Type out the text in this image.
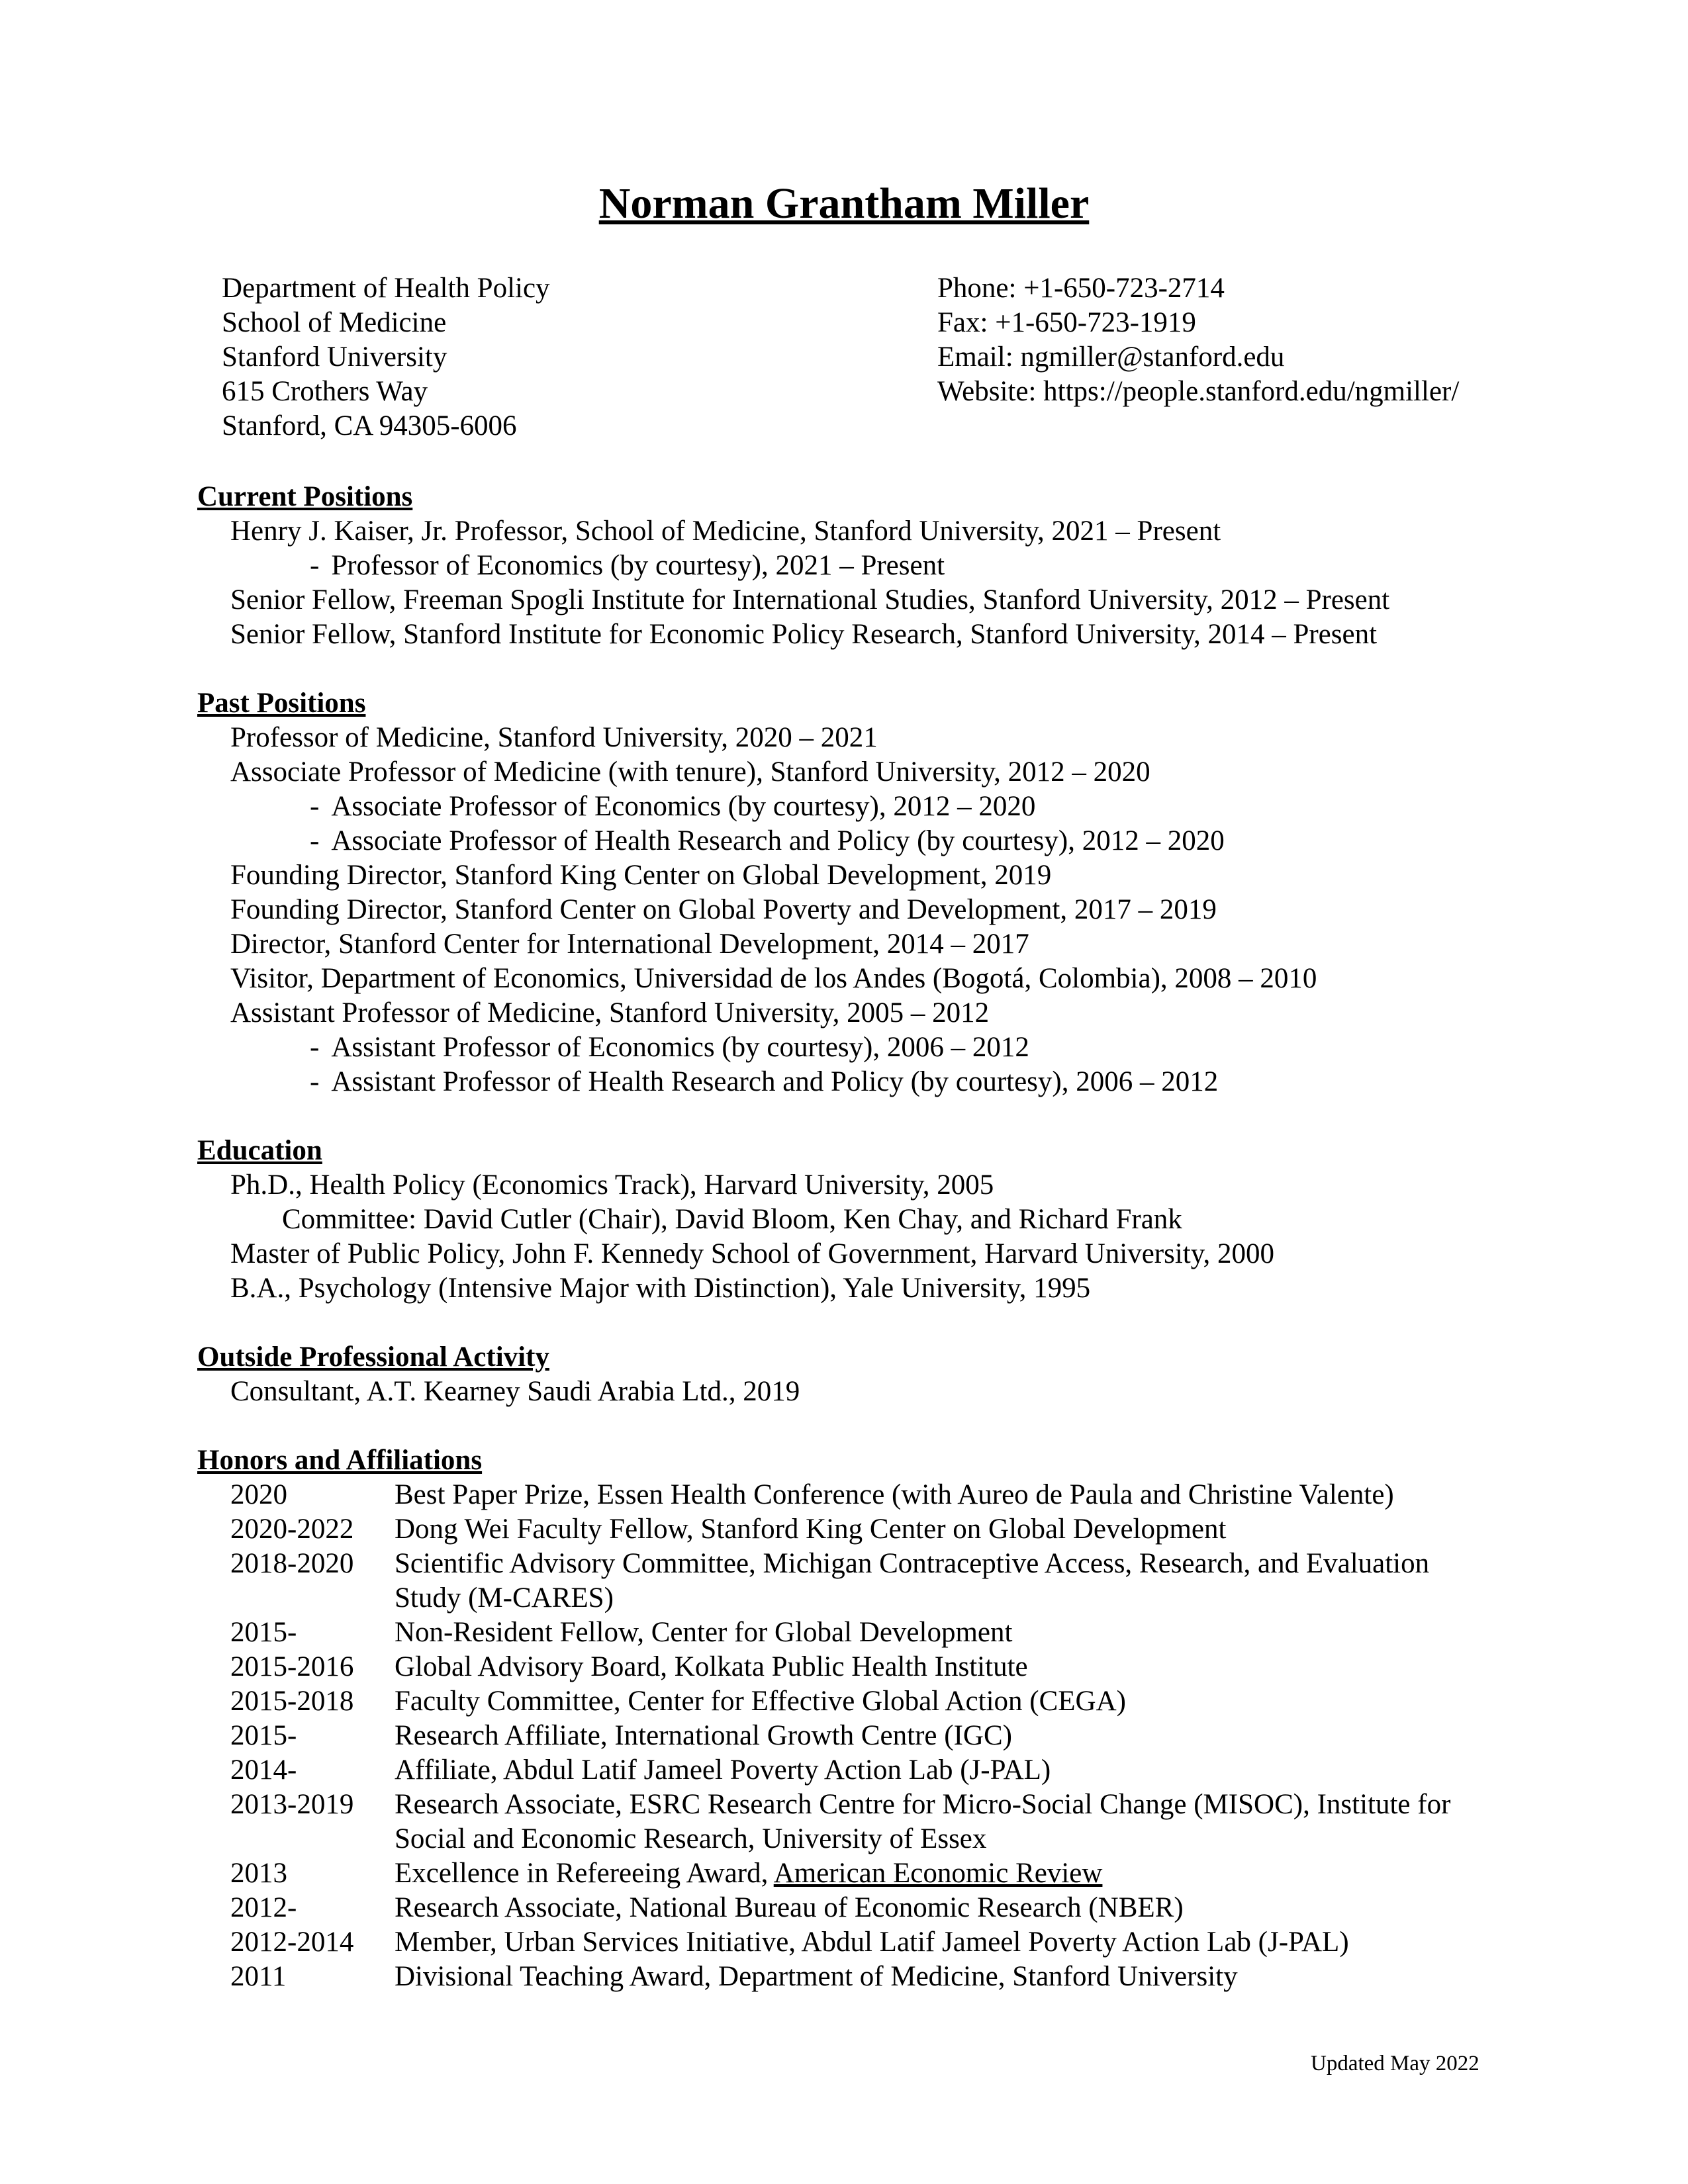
Norman Grantham Miller
Department of Health Policy
School of Medicine
Stanford University
615 Crothers Way
Stanford, CA 94305-6006
Phone: +1-650-723-2714
Fax: +1-650-723-1919
Email: ngmiller@stanford.edu
Website: https://people.stanford.edu/ngmiller/
Current Positions
Henry J. Kaiser, Jr. Professor, School of Medicine, Stanford University, 2021 – Present
- Professor of Economics (by courtesy), 2021 – Present
Senior Fellow, Freeman Spogli Institute for International Studies, Stanford University, 2012 – Present
Senior Fellow, Stanford Institute for Economic Policy Research, Stanford University, 2014 – Present
Past Positions
Professor of Medicine, Stanford University, 2020 – 2021
Associate Professor of Medicine (with tenure), Stanford University, 2012 – 2020
- Associate Professor of Economics (by courtesy), 2012 – 2020
- Associate Professor of Health Research and Policy (by courtesy), 2012 – 2020
Founding Director, Stanford King Center on Global Development, 2019
Founding Director, Stanford Center on Global Poverty and Development, 2017 – 2019
Director, Stanford Center for International Development, 2014 – 2017
Visitor, Department of Economics, Universidad de los Andes (Bogotá, Colombia), 2008 – 2010
Assistant Professor of Medicine, Stanford University, 2005 – 2012
- Assistant Professor of Economics (by courtesy), 2006 – 2012
- Assistant Professor of Health Research and Policy (by courtesy), 2006 – 2012
Education
Ph.D., Health Policy (Economics Track), Harvard University, 2005
Committee: David Cutler (Chair), David Bloom, Ken Chay, and Richard Frank
Master of Public Policy, John F. Kennedy School of Government, Harvard University, 2000
B.A., Psychology (Intensive Major with Distinction), Yale University, 1995
Outside Professional Activity
Consultant, A.T. Kearney Saudi Arabia Ltd., 2019
Honors and Affiliations
2020	Best Paper Prize, Essen Health Conference (with Aureo de Paula and Christine Valente)
2020-2022	Dong Wei Faculty Fellow, Stanford King Center on Global Development
2018-2020	Scientific Advisory Committee, Michigan Contraceptive Access, Research, and Evaluation Study (M-CARES)
2015-	Non-Resident Fellow, Center for Global Development
2015-2016	Global Advisory Board, Kolkata Public Health Institute
2015-2018	Faculty Committee, Center for Effective Global Action (CEGA)
2015-	Research Affiliate, International Growth Centre (IGC)
2014-	Affiliate, Abdul Latif Jameel Poverty Action Lab (J-PAL)
2013-2019	Research Associate, ESRC Research Centre for Micro-Social Change (MISOC), Institute for Social and Economic Research, University of Essex
2013	Excellence in Refereeing Award, American Economic Review
2012-	Research Associate, National Bureau of Economic Research (NBER)
2012-2014	Member, Urban Services Initiative, Abdul Latif Jameel Poverty Action Lab (J-PAL)
2011	Divisional Teaching Award, Department of Medicine, Stanford University
Updated May 2022
